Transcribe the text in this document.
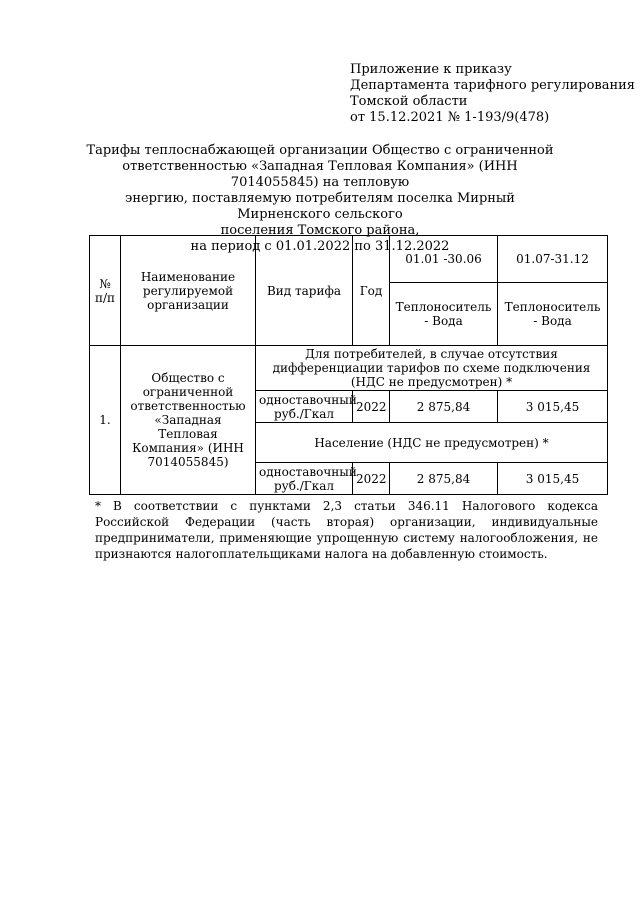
Приложение к приказу
Департамента тарифного регулирования
Томской области
от 15.12.2021 № 1-193/9(478)
Тарифы теплоснабжающей организации Общество с ограниченной
ответственностью «Западная Тепловая Компания» (ИНН 7014055845) на тепловую
энергию, поставляемую потребителям поселка Мирный Мирненского сельского
поселения Томского района,
на период с 01.01.2022 по 31.12.2022
№ п/п	Наименование регулируемой организации	Вид тарифа	Год	01.01 -30.06	01.07-31.12
				Теплоноситель - Вода	Теплоноситель - Вода
1.	Общество с ограниченной ответственностью «Западная Тепловая Компания» (ИНН 7014055845)	Для потребителей, в случае отсутствия дифференциации тарифов по схеме подключения (НДС не предусмотрен) *			
		одноставочный руб./Гкал	2022	2 875,84	3 015,45
		Население (НДС не предусмотрен) *			
		одноставочный руб./Гкал	2022	2 875,84	3 015,45
* В соответствии с пунктами 2,3 статьи 346.11 Налогового кодекса Российской Федерации (часть вторая) организации, индивидуальные предприниматели, применяющие упрощенную систему налогообложения, не признаются налогоплательщиками налога на добавленную стоимость.
